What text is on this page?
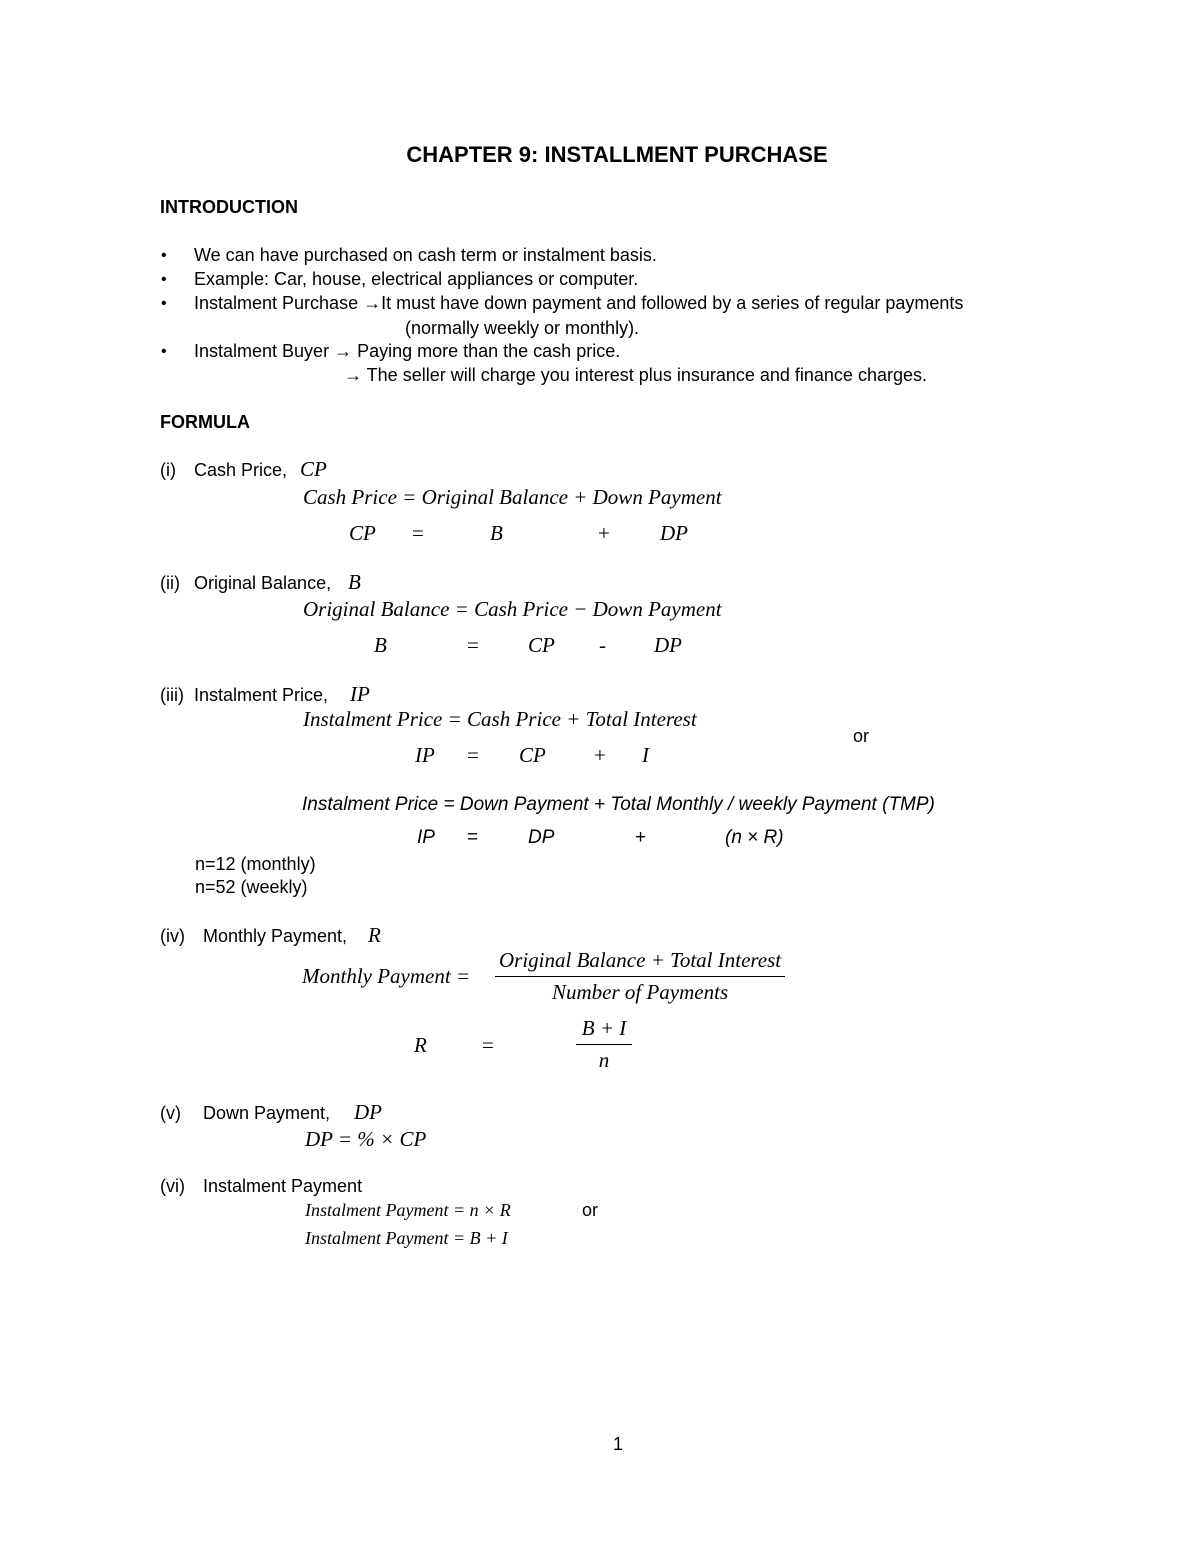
CHAPTER 9: INSTALLMENT PURCHASE
INTRODUCTION
• We can have purchased on cash term or instalment basis.
• Example: Car, house, electrical appliances or computer.
• Instalment Purchase →It must have down payment and followed by a series of regular payments
(normally weekly or monthly).
• Instalment Buyer → Paying more than the cash price.
→ The seller will charge you interest plus insurance and finance charges.
FORMULA
(i) Cash Price, CP
Cash Price = Original Balance + Down Payment
CP =	B	+ DP
(ii) Original Balance, B
Original Balance = Cash Price − Down Payment
B	= CP - DP
(iii) Instalment Price, IP
Instalment Price = Cash Price + Total Interest
or
IP = CP + I
Instalment Price = Down Payment + Total Monthly / weekly Payment (TMP)
IP =	DP	+	(n × R)
n=12 (monthly)
n=52 (weekly)
(iv) Monthly Payment, R
Monthly Payment =
Original Balance + Total Interest
Number of Payments
R	=	$\frac{B + I}{n}$
(v) Down Payment, DP
DP = % × CP
(vi) Instalment Payment
Instalment Payment = n × R	or
Instalment Payment = B + I
1
